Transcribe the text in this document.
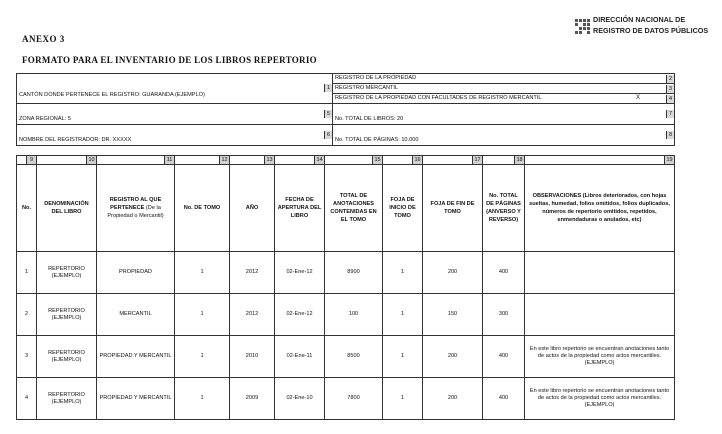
ANEXO 3
FORMATO PARA EL INVENTARIO DE LOS LIBROS REPERTORIO
DIRECCIÓN NACIONAL DE
REGISTRO DE DATOS PÚBLICOS
1
CANTÓN DONDE PERTENECE EL REGISTRO: GUARANDA (EJEMPLO)	2
REGISTRO DE LA PROPIEDAD

	3
REGISTRO MERCANTIL

	4
X
REGISTRO DE LA PROPIEDAD CON FACULTADES DE REGISTRO MERCANTIL

5
ZONA REGIONAL: 5	7
No. TOTAL DE LIBROS: 20

6
NOMBRE DEL REGISTRADOR: DR. XXXXX	8
No. TOTAL DE PÁGINAS: 10.000
9	10	11	12	13	14	15	16	17	18	19
No.	DENOMINACIÓN DEL LIBRO	REGISTRO AL QUE PERTENECE (De la Propiedad o Mercantil)	No. DE TOMO	AÑO	FECHA DE APERTURA DEL LIBRO	TOTAL DE ANOTACIONES CONTENIDAS EN EL TOMO	FOJA DE INICIO DE TOMO	FOJA DE FIN DE TOMO	No. TOTAL DE PÁGINAS (ANVERSO Y REVERSO)	OBSERVACIONES (Libros deteriorados, con hojas sueltas, humedad, folios omitidos, folios duplicados, números de repertorio omitidos, repetidos, enmendaduras o anulados, etc)
1	REPERTORIO (EJEMPLO)	PROPIEDAD	1	2012	02-Ene-12	8900	1	200	400	
2	REPERTORIO (EJEMPLO)	MERCANTIL	1	2012	02-Ene-12	100	1	150	300	
3	REPERTORIO (EJEMPLO)	PROPIEDAD Y MERCANTIL	1	2010	02-Ene-11	8500	1	200	400	En este libro repertorio se encuentran anotaciones tanto de actos de la propiedad como actos mercantiles. (EJEMPLO)
4	REPERTORIO (EJEMPLO)	PROPIEDAD Y MERCANTIL	1	2009	02-Ene-10	7800	1	200	400	En este libro repertorio se encuentran anotaciones tanto de actos de la propiedad como actos mercantiles. (EJEMPLO)
